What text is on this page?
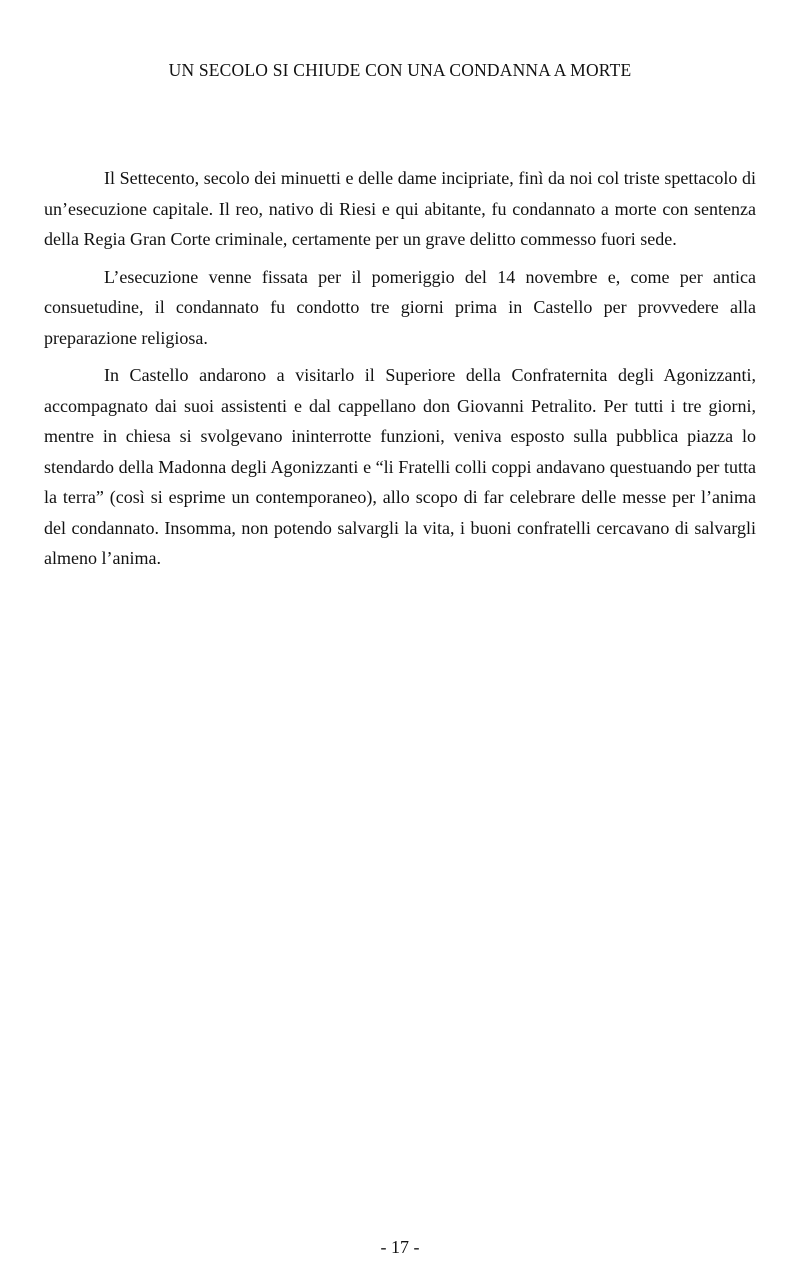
UN SECOLO SI CHIUDE CON UNA CONDANNA A MORTE

Il Settecento, secolo dei minuetti e delle dame incipriate, finì da noi col triste spettacolo di un’esecuzione capitale. Il reo, nativo di Riesi e qui abitante, fu condannato a morte con sentenza della Regia Gran Corte criminale, certamente per un grave delitto commesso fuori sede.

L’esecuzione venne fissata per il pomeriggio del 14 novembre e, come per antica consuetudine, il condannato fu condotto tre giorni prima in Castello per provvedere alla preparazione religiosa.

In Castello andarono a visitarlo il Superiore della Confraternita degli Agonizzanti, accompagnato dai suoi assistenti e dal cappellano don Giovanni Petralito. Per tutti i tre giorni, mentre in chiesa si svolgevano ininterrotte funzioni, veniva esposto sulla pubblica piazza lo stendardo della Madonna degli Agonizzanti e “li Fratelli colli coppi andavano questuando per tutta la terra” (così si esprime un contemporaneo), allo scopo di far celebrare delle messe per l’anima del condannato. Insomma, non potendo salvargli la vita, i buoni confratelli cercavano di salvargli almeno l’anima.

- 17 -
